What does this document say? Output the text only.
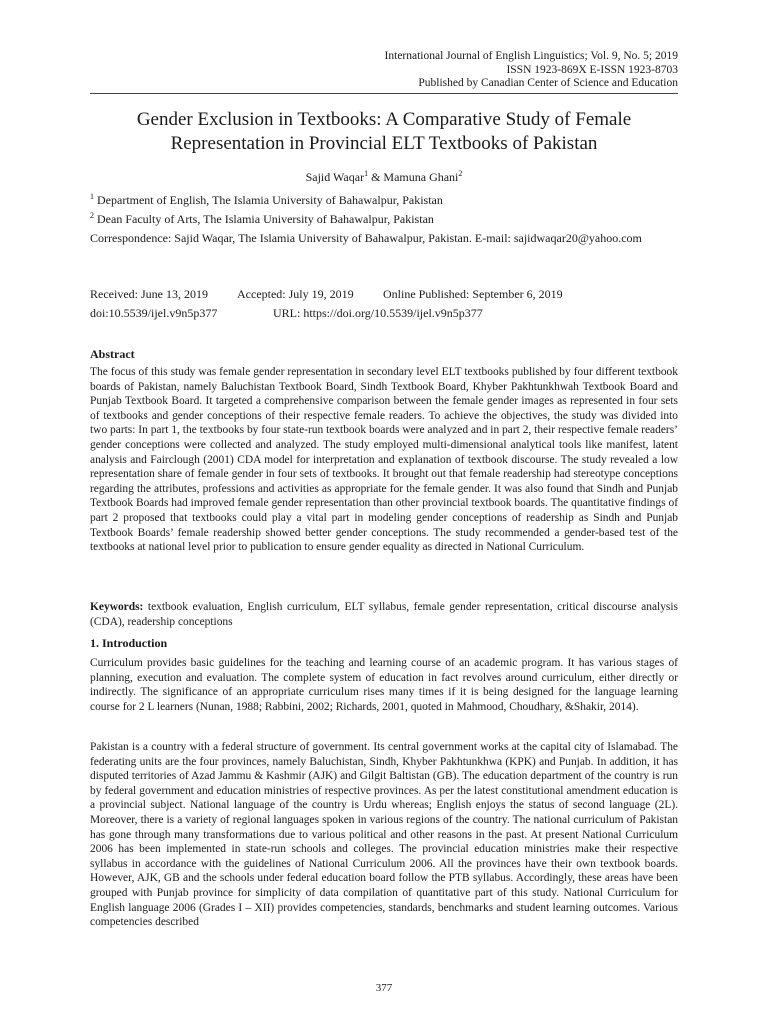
International Journal of English Linguistics; Vol. 9, No. 5; 2019
ISSN 1923-869X E-ISSN 1923-8703
Published by Canadian Center of Science and Education
Gender Exclusion in Textbooks: A Comparative Study of Female
Representation in Provincial ELT Textbooks of Pakistan
Sajid Waqar$^1$ & Mamuna Ghani$^2$
$^1$ Department of English, The Islamia University of Bahawalpur, Pakistan
$^2$ Dean Faculty of Arts, The Islamia University of Bahawalpur, Pakistan
Correspondence: Sajid Waqar, The Islamia University of Bahawalpur, Pakistan. E-mail: sajidwaqar20@yahoo.com
Received: June 13, 2019 Accepted: July 19, 2019 Online Published: September 6, 2019
doi:10.5539/ijel.v9n5p377	URL: https://doi.org/10.5539/ijel.v9n5p377
Abstract

The focus of this study was female gender representation in secondary level ELT textbooks published by four different textbook boards of Pakistan, namely Baluchistan Textbook Board, Sindh Textbook Board, Khyber Pakhtunkhwah Textbook Board and Punjab Textbook Board. It targeted a comprehensive comparison between the female gender images as represented in four sets of textbooks and gender conceptions of their respective female readers. To achieve the objectives, the study was divided into two parts: In part 1, the textbooks by four state-run textbook boards were analyzed and in part 2, their respective female readers’ gender conceptions were collected and analyzed. The study employed multi-dimensional analytical tools like manifest, latent analysis and Fairclough (2001) CDA model for interpretation and explanation of textbook discourse. The study revealed a low representation share of female gender in four sets of textbooks. It brought out that female readership had stereotype conceptions regarding the attributes, professions and activities as appropriate for the female gender. It was also found that Sindh and Punjab Textbook Boards had improved female gender representation than other provincial textbook boards. The quantitative findings of part 2 proposed that textbooks could play a vital part in modeling gender conceptions of readership as Sindh and Punjab Textbook Boards’ female readership showed better gender conceptions. The study recommended a gender-based test of the textbooks at national level prior to publication to ensure gender equality as directed in National Curriculum.

Keywords: textbook evaluation, English curriculum, ELT syllabus, female gender representation, critical discourse analysis (CDA), readership conceptions

1. Introduction

Curriculum provides basic guidelines for the teaching and learning course of an academic program. It has various stages of planning, execution and evaluation. The complete system of education in fact revolves around curriculum, either directly or indirectly. The significance of an appropriate curriculum rises many times if it is being designed for the language learning course for 2 L learners (Nunan, 1988; Rabbini, 2002; Richards, 2001, quoted in Mahmood, Choudhary, &Shakir, 2014).

Pakistan is a country with a federal structure of government. Its central government works at the capital city of Islamabad. The federating units are the four provinces, namely Baluchistan, Sindh, Khyber Pakhtunkhwa (KPK) and Punjab. In addition, it has disputed territories of Azad Jammu & Kashmir (AJK) and Gilgit Baltistan (GB). The education department of the country is run by federal government and education ministries of respective provinces. As per the latest constitutional amendment education is a provincial subject. National language of the country is Urdu whereas; English enjoys the status of second language (2L). Moreover, there is a variety of regional languages spoken in various regions of the country. The national curriculum of Pakistan has gone through many transformations due to various political and other reasons in the past. At present National Curriculum 2006 has been implemented in state-run schools and colleges. The provincial education ministries make their respective syllabus in accordance with the guidelines of National Curriculum 2006. All the provinces have their own textbook boards. However, AJK, GB and the schools under federal education board follow the PTB syllabus. Accordingly, these areas have been grouped with Punjab province for simplicity of data compilation of quantitative part of this study. National Curriculum for English language 2006 (Grades I – XII) provides competencies, standards, benchmarks and student learning outcomes. Various competencies described

377
